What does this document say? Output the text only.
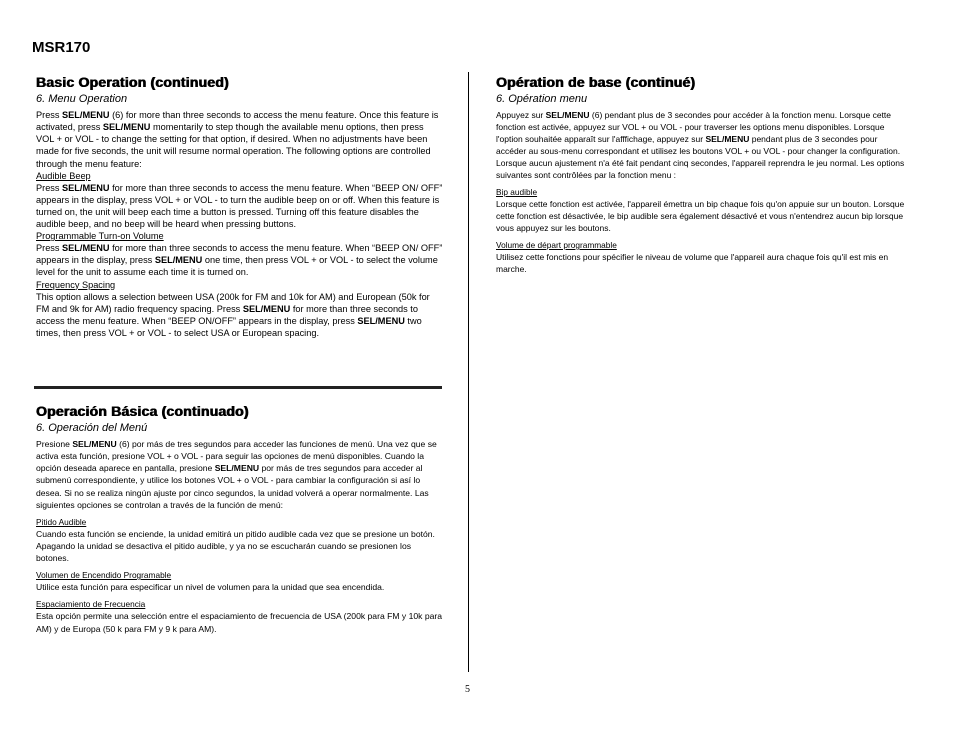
MSR170
Basic Operation (continued)
6. Menu Operation

Press SEL/MENU (6) for more than three seconds to access the menu feature. Once this feature is activated, press SEL/MENU momentarily to step though the available menu options, then press VOL + or VOL - to change the setting for that option, if desired. When no adjustments have been made for five seconds, the unit will resume normal operation. The following options are controlled through the menu feature:

Audible Beep

Press SEL/MENU for more than three seconds to access the menu feature. When “BEEP ON/ OFF” appears in the display, press VOL + or VOL - to turn the audible beep on or off. When this feature is turned on, the unit will beep each time a button is pressed. Turning off this feature disables the audible beep, and no beep will be heard when pressing buttons.

Programmable Turn-on Volume

Press SEL/MENU for more than three seconds to access the menu feature. When “BEEP ON/ OFF” appears in the display, press SEL/MENU one time, then press VOL + or VOL - to select the volume level for the unit to assume each time it is turned on.

Frequency Spacing

This option allows a selection between USA (200k for FM and 10k for AM) and European (50k for FM and 9k for AM) radio frequency spacing. Press SEL/MENU for more than three seconds to access the menu feature. When “BEEP ON/OFF” appears in the display, press SEL/MENU two times, then press VOL + or VOL - to select USA or European spacing.

Operación Básica (continuado)
6. Operación del Menú

Presione SEL/MENU (6) por más de tres segundos para acceder las funciones de menú. Una vez que se activa esta función, presione VOL + o VOL - para seguir las opciones de menú disponibles. Cuando la opción deseada aparece en pantalla, presione SEL/MENU por más de tres segundos para acceder al submenú correspondiente, y utilice los botones VOL + o VOL - para cambiar la configuración si así lo desea. Si no se realiza ningún ajuste por cinco segundos, la unidad volverá a operar normalmente. Las siguientes opciones se controlan a través de la función de menú:

Pitido Audible

Cuando esta función se enciende, la unidad emitirá un pitido audible cada vez que se presione un botón. Apagando la unidad se desactiva el pitido audible, y ya no se escucharán cuando se presionen los botones.

Volumen de Encendido Programable

Utilice esta función para especificar un nivel de volumen para la unidad que sea encendida.

Espaciamiento de Frecuencia

Esta opción permite una selección entre el espaciamiento de frecuencia de USA (200k para FM y 10k para AM) y de Europa (50 k para FM y 9 k para AM).

Opération de base (continué)
6. Opération menu

Appuyez sur SEL/MENU (6) pendant plus de 3 secondes pour accéder à la fonction menu. Lorsque cette fonction est activée, appuyez sur VOL + ou VOL - pour traverser les options menu disponibles. Lorsque l'option souhaitée apparaît sur l'afffichage, appuyez sur SEL/MENU pendant plus de 3 secondes pour accéder au sous-menu correspondant et utilisez les boutons VOL + ou VOL - pour changer la configuration. Lorsque aucun ajustement n'a été fait pendant cinq secondes, l'appareil reprendra le jeu normal. Les options suivantes sont contrôlées par la fonction menu :

Bip audible

Lorsque cette fonction est activée, l'appareil émettra un bip chaque fois qu'on appuie sur un bouton. Lorsque cette fonction est désactivée, le bip audible sera également désactivé et vous n'entendrez aucun bip lorsque vous appuyez sur les boutons.

Volume de départ programmable

Utilisez cette fonctions pour spécifier le niveau de volume que l'appareil aura chaque fois qu'il est mis en marche.

5
